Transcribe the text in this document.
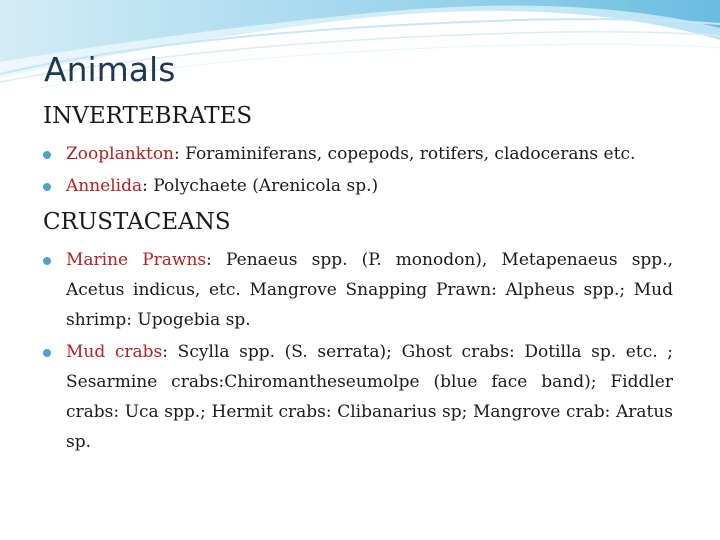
Animals
INVERTEBRATES
Zooplankton: Foraminiferans, copepods, rotifers, cladocerans etc.
Annelida: Polychaete (Arenicola sp.)
CRUSTACEANS
Marine Prawns: Penaeus spp. (P. monodon), Metapenaeus spp., Acetus indicus, etc. Mangrove Snapping Prawn: Alpheus spp.; Mud shrimp: Upogebia sp.
Mud crabs: Scylla spp. (S. serrata); Ghost crabs: Dotilla sp. etc. ; Sesarmine crabs:Chiromantheseumolpe (blue face band); Fiddler crabs: Uca spp.; Hermit crabs: Clibanarius sp; Mangrove crab: Aratus sp.
